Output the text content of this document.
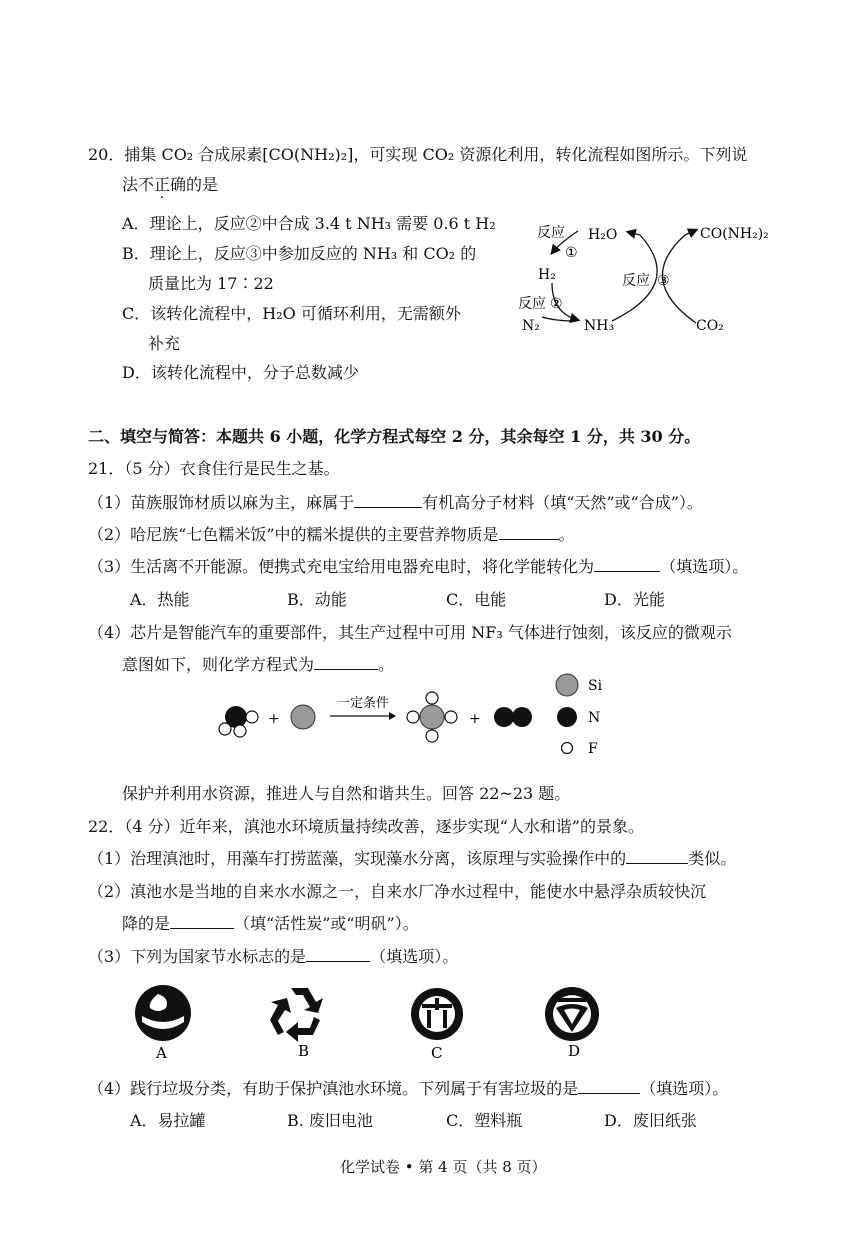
20．捕集 CO₂ 合成尿素[CO(NH₂)₂]，可实现 CO₂ 资源化利用，转化流程如图所示。下列说
法不正确的是
A．理论上，反应②中合成 3.4 t NH₃ 需要 0.6 t H₂
B．理论上，反应③中参加反应的 NH₃ 和 CO₂ 的
质量比为 17∶22
C．该转化流程中，H₂O 可循环利用，无需额外
补充
D．该转化流程中，分子总数减少
反应
①
H₂O	CO(NH₂)₂
H₂	反应 ③
反应 ②
N₂	NH₃	CO₂
二、填空与简答：本题共 6 小题，化学方程式每空 2 分，其余每空 1 分，共 30 分。
21．（5 分）衣食住行是民生之基。
（1）苗族服饰材质以麻为主，麻属于	有机高分子材料（填“天然”或“合成”）。
（2）哈尼族“七色糯米饭”中的糯米提供的主要营养物质是	。
（3）生活离不开能源。便携式充电宝给用电器充电时，将化学能转化为	（填选项）。
A．热能	B．动能	C．电能	D．光能
（4）芯片是智能汽车的重要部件，其生产过程中可用 NF₃ 气体进行蚀刻，该反应的微观示
意图如下，则化学方程式为	。
+
一定条件
+
Si
N
F
保护并利用水资源，推进人与自然和谐共生。回答 22~23 题。
22．（4 分）近年来，滇池水环境质量持续改善，逐步实现“人水和谐”的景象。
（1）治理滇池时，用藻车打捞蓝藻，实现藻水分离，该原理与实验操作中的	类似。
（2）滇池水是当地的自来水水源之一，自来水厂净水过程中，能使水中悬浮杂质较快沉
降的是	（填“活性炭”或“明矾”）。
（3）下列为国家节水标志的是	（填选项）。
A	B	C	D
（4）践行垃圾分类，有助于保护滇池水环境。下列属于有害垃圾的是	（填选项）。
A．易拉罐	B. 废旧电池	C．塑料瓶	D．废旧纸张
化学试卷 • 第 4 页（共 8 页）
